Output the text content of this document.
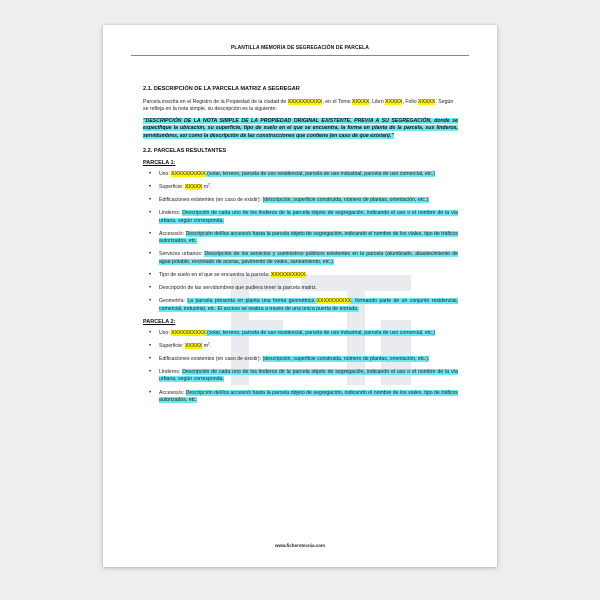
PLANTILLA MEMORIA DE SEGREGACIÓN DE PARCELA
2.1. DESCRIPCIÓN DE LA PARCELA MATRIZ A SEGREGAR
Parcela inscrita en el Registro de la Propiedad de la ciudad de XXXXXXXXXX, en el Tomo XXXXX, Libro XXXXX, Folio XXXXX. Según se refleja en la nota simple, su descripción es la siguiente:
"DESCRIPCIÓN DE LA NOTA SIMPLE DE LA PROPIEDAD ORIGINAL EXISTENTE, PREVIA A SU SEGREGACIÓN, donde se especifique la ubicación, su superficie, tipo de suelo en el que se encuentra, la forma en planta de la parcela, sus linderos, servidumbres, así como la descripción de las construcciones que contiene (en caso de que existan)."
2.2. PARCELAS RESULTANTES
PARCELA 1:
• Uso: XXXXXXXXXX (solar, terreno, parcela de uso residencial, parcela de uso industrial, parcela de uso comercial, etc.)
• Superficie: XXXXX $m^2$.
• Edificaciones existentes (en caso de existir): (descripción, superficie construida, número de plantas, orientación, etc.).
• Linderos: Descripción de cada uno de los linderos de la parcela objeto de segregación, indicando el uso o el nombre de la vía urbana, según corresponda.
• Accesos/s: Descripción del/los acceso/s hasta la parcela objeto de segregación, indicando el nombre de los viales, tipo de tráficos autorizados, etc.
• Servicios urbanos: Descripción de los servicios y suministros públicos existentes en la parcela (alumbrado, abastecimiento de agua potable, encintado de aceras, pavimento de viales, saneamiento, etc.).
• Tipo de suelo en el que se encuentra la parcela: XXXXXXXXXX.
• Descripción de las servidumbres que pudiera tener la parcela matriz.
• Geometría: La parcela presenta en planta una forma geométrica XXXXXXXXXX, formando parte de un conjunto residencial, comercial, industrial, etc. El acceso se realiza a través de una única puerta de entrada.
PARCELA 2:
• Uso: XXXXXXXXXX (solar, terreno, parcela de uso residencial, parcela de uso industrial, parcela de uso comercial, etc.)
• Superficie: XXXXX $m^2$.
• Edificaciones existentes (en caso de existir): (descripción, superficie construida, número de plantas, orientación, etc.).
• Linderos: Descripción de cada uno de los linderos de la parcela objeto de segregación, indicando el uso o el nombre de la vía urbana, según corresponda.
• Accesos/s: Descripción del/los acceso/s hasta la parcela objeto de segregación, indicando el nombre de los viales, tipo de tráficos autorizados, etc.
www.ficherotecnia.com
